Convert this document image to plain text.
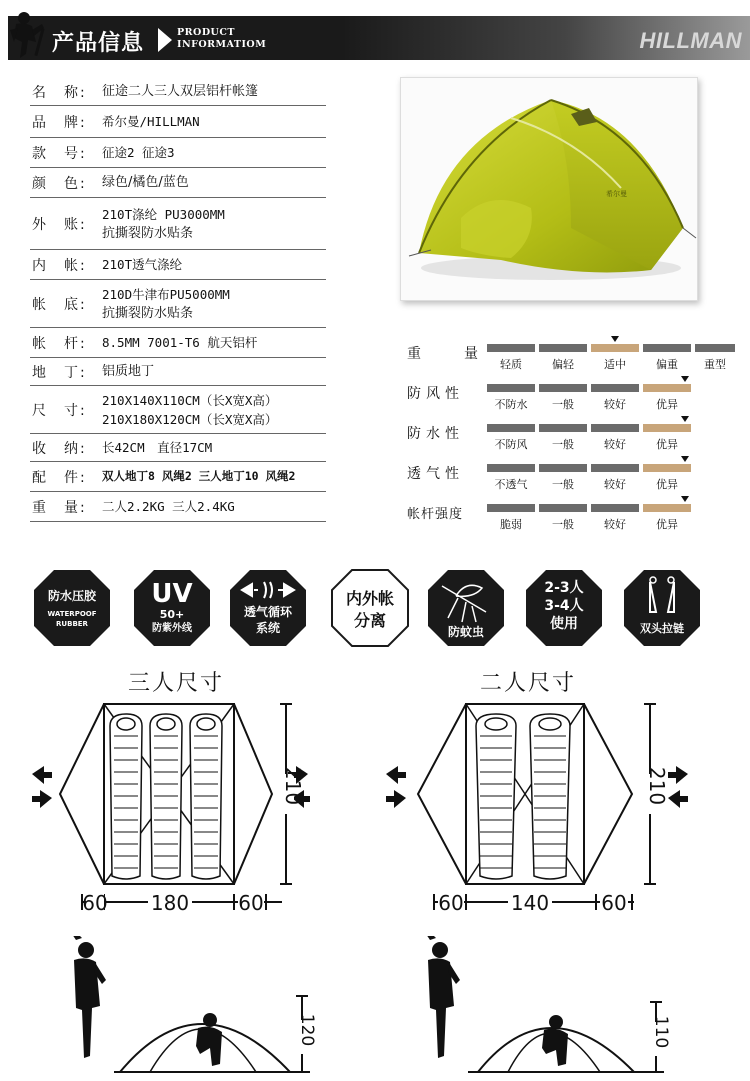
产品信息	PRODUCT
INFORMATIOM	HILLMAN
名　称:	征途二人三人双层铝杆帐篷
品　牌:	希尔曼/HILLMAN
款　号:	征途2 征途3
颜　色:	绿色/橘色/蓝色
外　账:
210T涤纶 PU3000MM
抗撕裂防水贴条
内　帐:	210T透气涤纶
帐　底:
210D牛津布PU5000MM
抗撕裂防水贴条
帐　杆:	8.5MM 7001-T6 航天铝杆
地　丁:	铝质地丁
尺　寸:
210X140X110CM（长X宽X高）
210X180X120CM（长X宽X高）
收　纳:	长42CM　直径17CM
配　件:	双人地丁8 风绳2 三人地丁10 风绳2
重　量:	二人2.2KG 三人2.4KG
希尔曼
重　　量
轻质	偏轻	适中	偏重	重型
防风性
不防水	一般	较好	优异
防水性
不防风	一般	较好	优异
透气性
不透气	一般	较好	优异
帐杆强度
脆弱	一般	较好	优异
防水压胶
WATERPOOF
RUBBER
UV
50+
防紫外线
透气循环
系统
内外帐
分离
防蚊虫
2-3人
3-4人
使用	双头拉链
三人尺寸	二人尺寸
210
60 180 60
210
60 140	60
120	110
